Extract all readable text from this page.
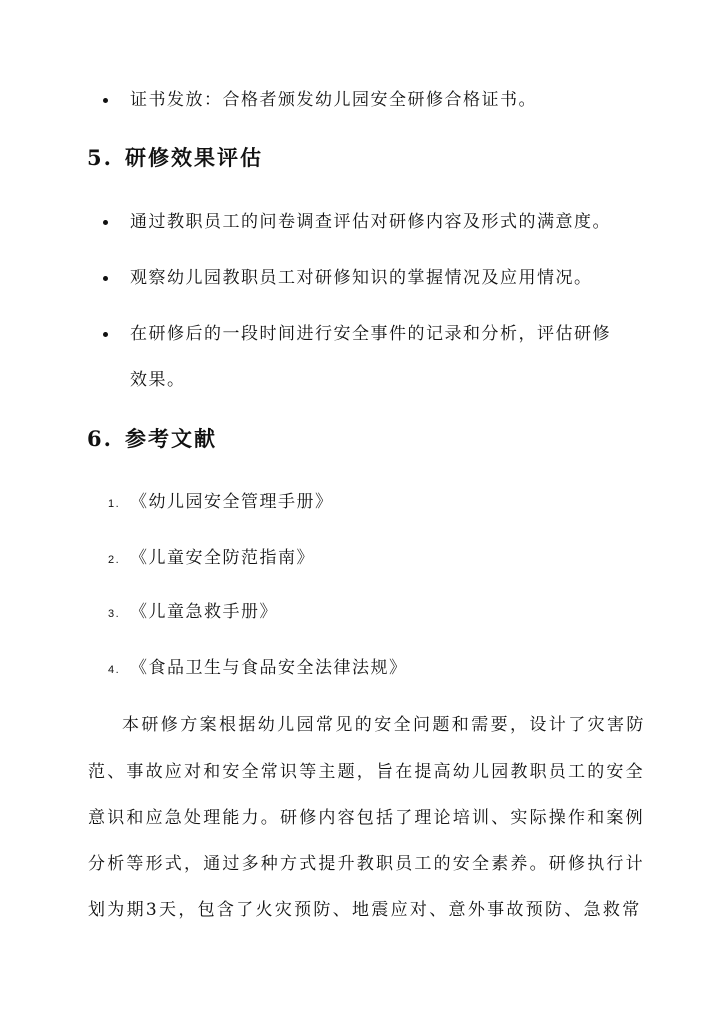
证书发放：合格者颁发幼儿园安全研修合格证书。
5. 研修效果评估
通过教职员工的问卷调查评估对研修内容及形式的满意度。
观察幼儿园教职员工对研修知识的掌握情况及应用情况。
在研修后的一段时间进行安全事件的记录和分析，评估研修
效果。
6. 参考文献
1. 《幼儿园安全管理手册》
2. 《儿童安全防范指南》
3. 《儿童急救手册》
4. 《食品卫生与食品安全法律法规》
本研修方案根据幼儿园常见的安全问题和需要，设计了灾害防
范、事故应对和安全常识等主题，旨在提高幼儿园教职员工的安全
意识和应急处理能力。研修内容包括了理论培训、实际操作和案例
分析等形式，通过多种方式提升教职员工的安全素养。研修执行计
划为期3天，包含了火灾预防、地震应对、意外事故预防、急救常
